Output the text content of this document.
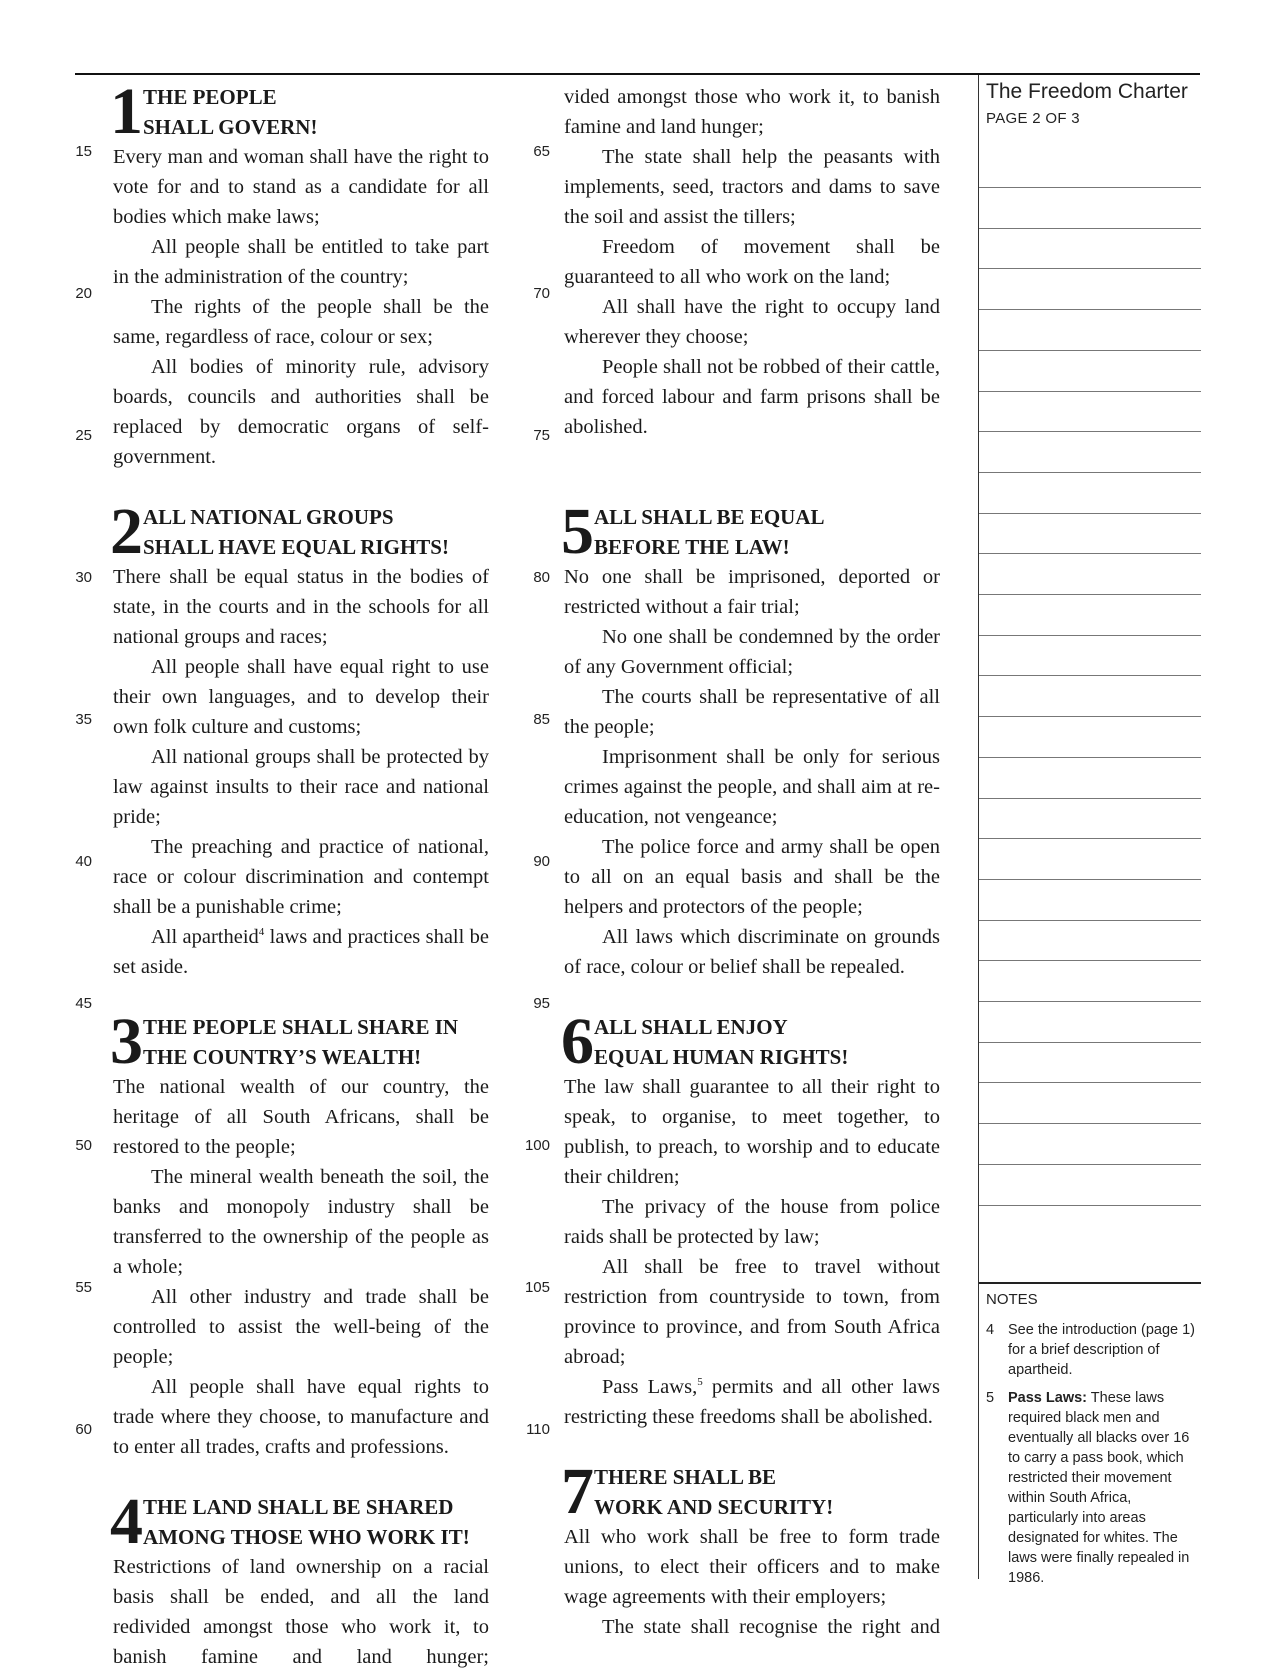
15
20
25
30
35
40
45
50
55
60
65
70
75
80
85
90
95
100
105
110
1 THE PEOPLE
SHALL GOVERN!

Every man and woman shall have the right to vote for and to stand as a candidate for all bodies which make laws;

All people shall be entitled to take part in the administration of the country;

The rights of the people shall be the same, regardless of race, colour or sex;

All bodies of minority rule, advisory boards, councils and authorities shall be replaced by democratic organs of self-government.

2 ALL NATIONAL GROUPS
SHALL HAVE EQUAL RIGHTS!

There shall be equal status in the bodies of state, in the courts and in the schools for all national groups and races;

All people shall have equal right to use their own languages, and to develop their own folk culture and customs;

All national groups shall be protected by law against insults to their race and national pride;

The preaching and practice of national, race or colour discrimination and contempt shall be a punishable crime;

All apartheid$^4$ laws and practices shall be set aside.

3 THE PEOPLE SHALL SHARE IN
THE COUNTRY’S WEALTH!

The national wealth of our country, the heritage of all South Africans, shall be restored to the people;

The mineral wealth beneath the soil, the banks and monopoly industry shall be transferred to the ownership of the people as a whole;

All other industry and trade shall be controlled to assist the well-being of the people;

All people shall have equal rights to trade where they choose, to manufacture and to enter all trades, crafts and professions.

4 THE LAND SHALL BE SHARED
AMONG THOSE WHO WORK IT!

Restrictions of land ownership on a racial basis shall be ended, and all the land redivided amongst those who work it, to banish famine and land hunger;

vided amongst those who work it, to banish famine and land hunger;

The state shall help the peasants with implements, seed, tractors and dams to save the soil and assist the tillers;

Freedom of movement shall be guaranteed to all who work on the land;

All shall have the right to occupy land wherever they choose;

People shall not be robbed of their cattle, and forced labour and farm prisons shall be abolished.

5 ALL SHALL BE EQUAL
BEFORE THE LAW!

No one shall be imprisoned, deported or restricted without a fair trial;

No one shall be condemned by the order of any Government official;

The courts shall be representative of all the people;

Imprisonment shall be only for serious crimes against the people, and shall aim at re-education, not vengeance;

The police force and army shall be open to all on an equal basis and shall be the helpers and protectors of the people;

All laws which discriminate on grounds of race, colour or belief shall be repealed.

6 ALL SHALL ENJOY
EQUAL HUMAN RIGHTS!

The law shall guarantee to all their right to speak, to organise, to meet together, to publish, to preach, to worship and to educate their children;

The privacy of the house from police raids shall be protected by law;

All shall be free to travel without restriction from countryside to town, from province to province, and from South Africa abroad;

Pass Laws,$^5$ permits and all other laws restricting these freedoms shall be abolished.

7 THERE SHALL BE
WORK AND SECURITY!

All who work shall be free to form trade unions, to elect their officers and to make wage agreements with their employers;

The state shall recognise the right and

The Freedom Charter
PAGE 2 OF 3
NOTES
4 See the introduction (page 1) for a brief description of apartheid.
5 Pass Laws: These laws required black men and eventually all blacks over 16 to carry a pass book, which restricted their movement within South Africa, particularly into areas designated for whites. The laws were finally repealed in 1986.
